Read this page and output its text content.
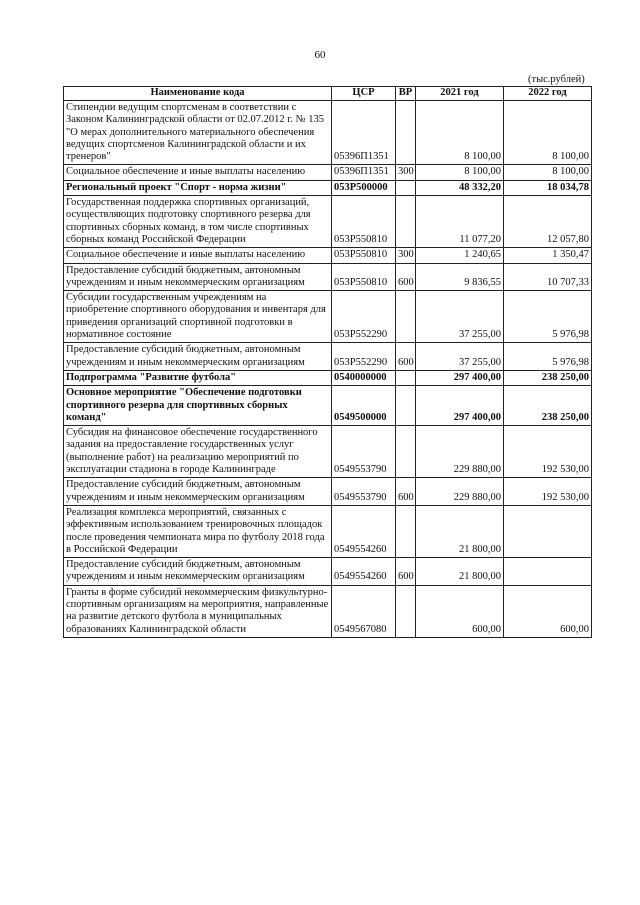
60
(тыс.рублей)
Наименование кода	ЦСР	ВР	2021 год	2022 год
Стипендии ведущим спортсменам в соответствии с Законом Калининградской области от 02.07.2012 г. № 135 "О мерах дополнительного материального обеспечения ведущих спортсменов Калининградской области и их тренеров"	05396П1351		8 100,00	8 100,00
Социальное обеспечение и иные выплаты населению	05396П1351	300	8 100,00	8 100,00
Региональный проект "Спорт - норма жизни"	053Р500000		48 332,20	18 034,78
Государственная поддержка спортивных организаций, осуществляющих подготовку спортивного резерва для спортивных сборных команд, в том числе спортивных сборных команд Российской Федерации	053Р550810		11 077,20	12 057,80
Социальное обеспечение и иные выплаты населению	053Р550810	300	1 240,65	1 350,47
Предоставление субсидий бюджетным, автономным учреждениям и иным некоммерческим организациям	053Р550810	600	9 836,55	10 707,33
Субсидии государственным учреждениям на приобретение спортивного оборудования и инвентаря для приведения организаций спортивной подготовки в нормативное состояние	053Р552290		37 255,00	5 976,98
Предоставление субсидий бюджетным, автономным учреждениям и иным некоммерческим организациям	053Р552290	600	37 255,00	5 976,98
Подпрограмма "Развитие футбола"	0540000000		297 400,00	238 250,00
Основное мероприятие "Обеспечение подготовки спортивного резерва для спортивных сборных команд"	0549500000		297 400,00	238 250,00
Субсидия на финансовое обеспечение государственного задания на предоставление государственных услуг (выполнение работ) на реализацию мероприятий по эксплуатации стадиона в городе Калининграде	0549553790		229 880,00	192 530,00
Предоставление субсидий бюджетным, автономным учреждениям и иным некоммерческим организациям	0549553790	600	229 880,00	192 530,00
Реализация комплекса мероприятий, связанных с эффективным использованием тренировочных площадок после проведения чемпионата мира по футболу 2018 года в Российской Федерации	0549554260		21 800,00	
Предоставление субсидий бюджетным, автономным учреждениям и иным некоммерческим организациям	0549554260	600	21 800,00	
Гранты в форме субсидий некоммерческим физкультурно-спортивным организациям на мероприятия, направленные на развитие детского футбола в муниципальных образованиях Калининградской области	0549567080		600,00	600,00
